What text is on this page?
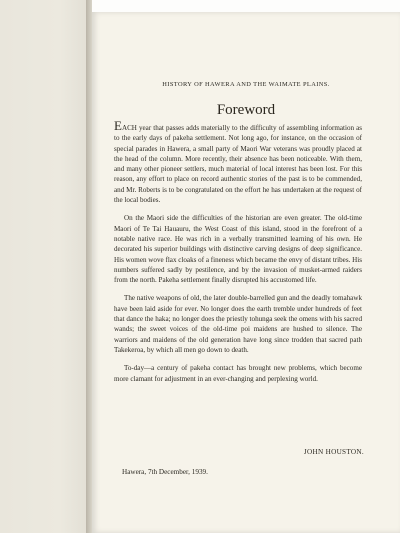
HISTORY OF HAWERA AND THE WAIMATE PLAINS.
Foreword

EACH year that passes adds materially to the difficulty of assembling information as to the early days of pakeha settlement. Not long ago, for instance, on the occasion of special parades in Hawera, a small party of Maori War veterans was proudly placed at the head of the column. More recently, their absence has been noticeable. With them, and many other pioneer settlers, much material of local interest has been lost. For this reason, any effort to place on record authentic stories of the past is to be commended, and Mr. Roberts is to be congratulated on the effort he has undertaken at the request of the local bodies.

On the Maori side the difficulties of the historian are even greater. The old-time Maori of Te Tai Hauauru, the West Coast of this island, stood in the forefront of a notable native race. He was rich in a verbally transmitted learning of his own. He decorated his superior buildings with distinctive carving designs of deep significance. His women wove flax cloaks of a fineness which became the envy of distant tribes. His numbers suffered sadly by pestilence, and by the invasion of musket-armed raiders from the north. Pakeha settlement finally disrupted his accustomed life.

The native weapons of old, the later double-barrelled gun and the deadly tomahawk have been laid aside for ever. No longer does the earth tremble under hundreds of feet that dance the haka; no longer does the priestly tohunga seek the omens with his sacred wands; the sweet voices of the old-time poi maidens are hushed to silence. The warriors and maidens of the old generation have long since trodden that sacred path Takekeroa, by which all men go down to death.

To-day—a century of pakeha contact has brought new problems, which become more clamant for adjustment in an ever-changing and perplexing world.

JOHN HOUSTON.
Hawera, 7th December, 1939.
